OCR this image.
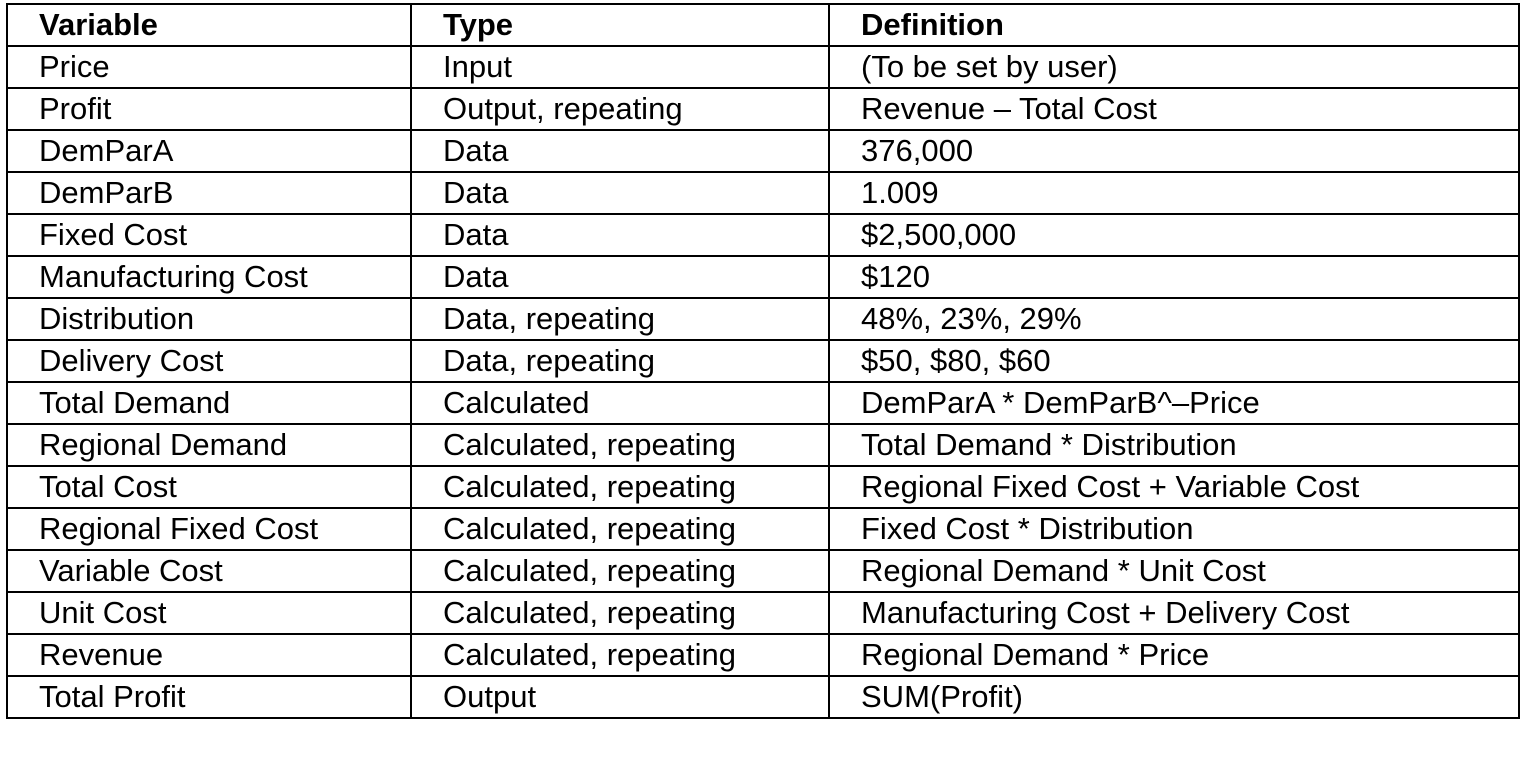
Variable	Type	Definition
Price	Input	(To be set by user)
Profit	Output, repeating	Revenue – Total Cost
DemParA	Data	376,000
DemParB	Data	1.009
Fixed Cost	Data	$2,500,000
Manufacturing Cost	Data	$120
Distribution	Data, repeating	48%, 23%, 29%
Delivery Cost	Data, repeating	$50, $80, $60
Total Demand	Calculated	DemParA * DemParB^–Price
Regional Demand	Calculated, repeating	Total Demand * Distribution
Total Cost	Calculated, repeating	Regional Fixed Cost + Variable Cost
Regional Fixed Cost	Calculated, repeating	Fixed Cost * Distribution
Variable Cost	Calculated, repeating	Regional Demand * Unit Cost
Unit Cost	Calculated, repeating	Manufacturing Cost + Delivery Cost
Revenue	Calculated, repeating	Regional Demand * Price
Total Profit	Output	SUM(Profit)
